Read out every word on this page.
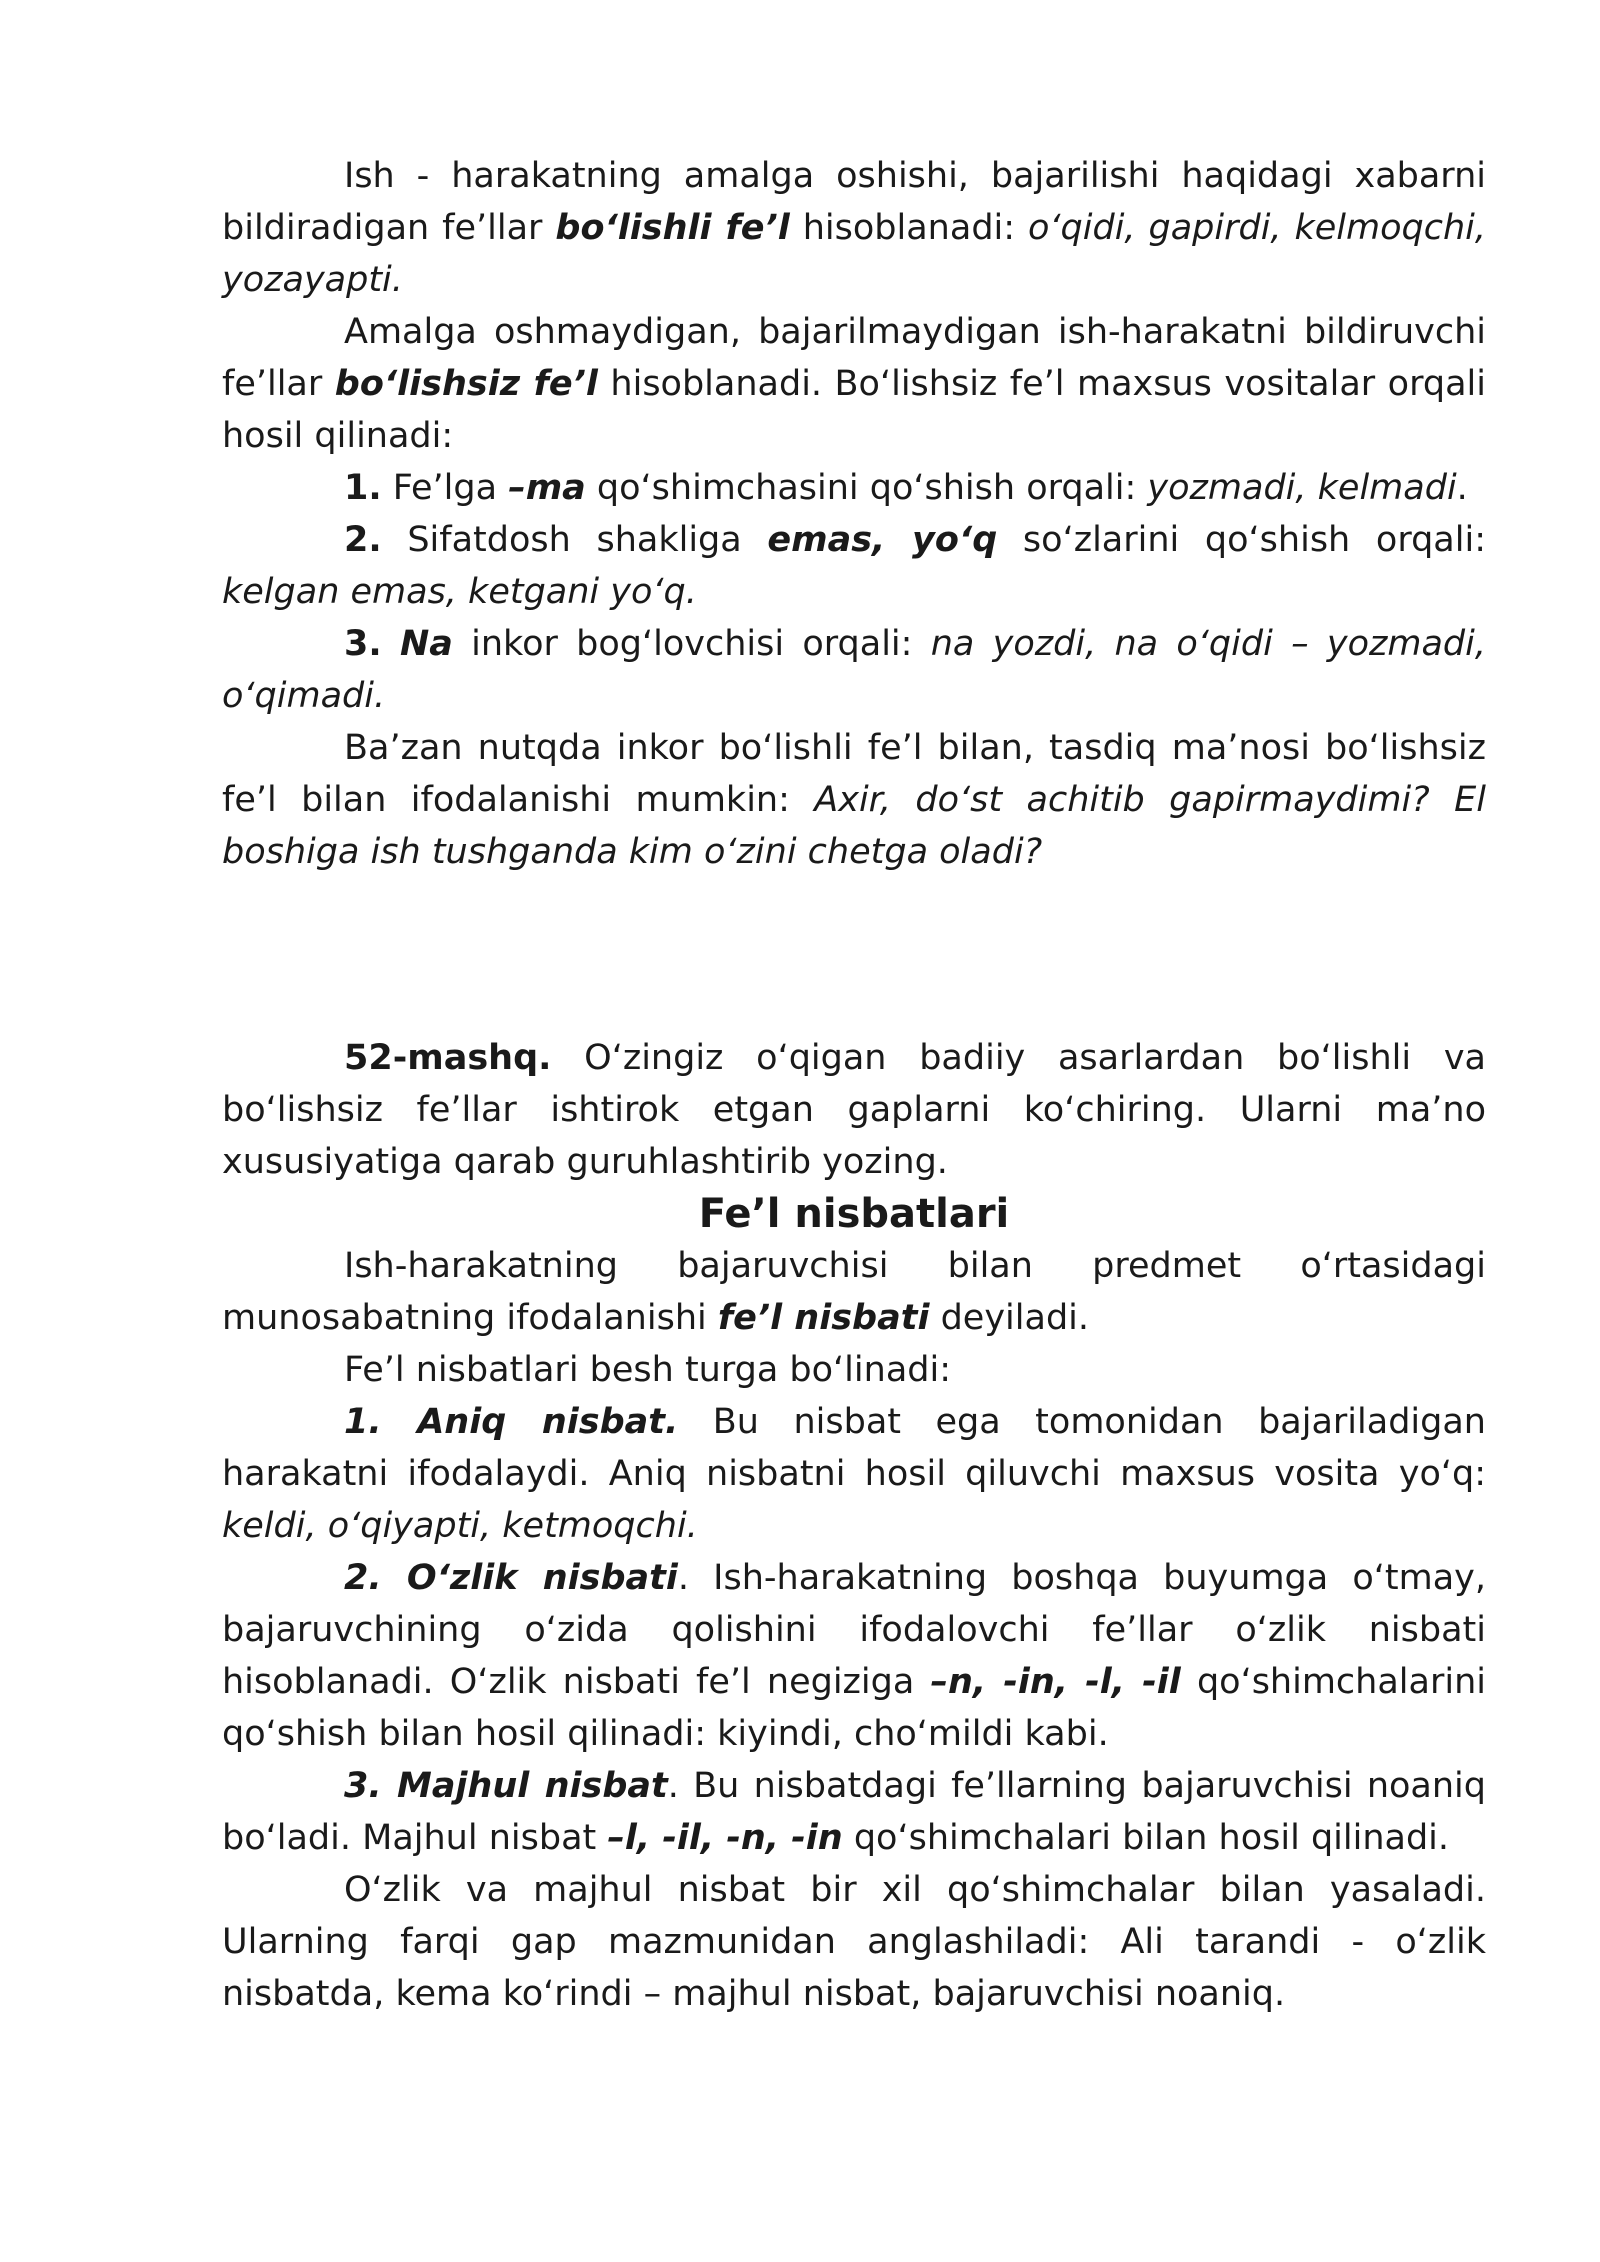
Ish - harakatning amalga oshishi, bajarilishi haqidagi xabarni bildiradigan fe’llar bo‘lishli fe’l hisoblanadi: o‘qidi, gapirdi, kelmoqchi, yozayapti.

Amalga oshmaydigan, bajarilmaydigan ish-harakatni bildiruvchi fe’llar bo‘lishsiz fe’l hisoblanadi. Bo‘lishsiz fe’l maxsus vositalar orqali hosil qilinadi:

1. Fe’lga –ma qo‘shimchasini qo‘shish orqali: yozmadi, kelmadi.

2. Sifatdosh shakliga emas, yo‘q so‘zlarini qo‘shish orqali: kelgan emas, ketgani yo‘q.

3. Na inkor bog‘lovchisi orqali: na yozdi, na o‘qidi – yozmadi, o‘qimadi.

Ba’zan nutqda inkor bo‘lishli fe’l bilan, tasdiq ma’nosi bo‘lishsiz fe’l bilan ifodalanishi mumkin: Axir, do‘st achitib gapirmaydimi? El boshiga ish tushganda kim o‘zini chetga oladi?

52-mashq. O‘zingiz o‘qigan badiiy asarlardan bo‘lishli va bo‘lishsiz fe’llar ishtirok etgan gaplarni ko‘chiring. Ularni ma’no xususiyatiga qarab guruhlashtirib yozing.

Fe’l nisbatlari

Ish-harakatning bajaruvchisi bilan predmet o‘rtasidagi munosabatning ifodalanishi fe’l nisbati deyiladi.

Fe’l nisbatlari besh turga bo‘linadi:

1. Aniq nisbat. Bu nisbat ega tomonidan bajariladigan harakatni ifodalaydi. Aniq nisbatni hosil qiluvchi maxsus vosita yo‘q: keldi, o‘qiyapti, ketmoqchi.

2. O‘zlik nisbati. Ish-harakatning boshqa buyumga o‘tmay, bajaruvchining o‘zida qolishini ifodalovchi fe’llar o‘zlik nisbati hisoblanadi. O‘zlik nisbati fe’l negiziga –n, -in, -l, -il qo‘shimchalarini qo‘shish bilan hosil qilinadi: kiyindi, cho‘mildi kabi.

3. Majhul nisbat. Bu nisbatdagi fe’llarning bajaruvchisi noaniq bo‘ladi. Majhul nisbat –l, -il, -n, -in qo‘shimchalari bilan hosil qilinadi.

O‘zlik va majhul nisbat bir xil qo‘shimchalar bilan yasaladi. Ularning farqi gap mazmunidan anglashiladi: Ali tarandi - o‘zlik nisbatda, kema ko‘rindi – majhul nisbat, bajaruvchisi noaniq.
